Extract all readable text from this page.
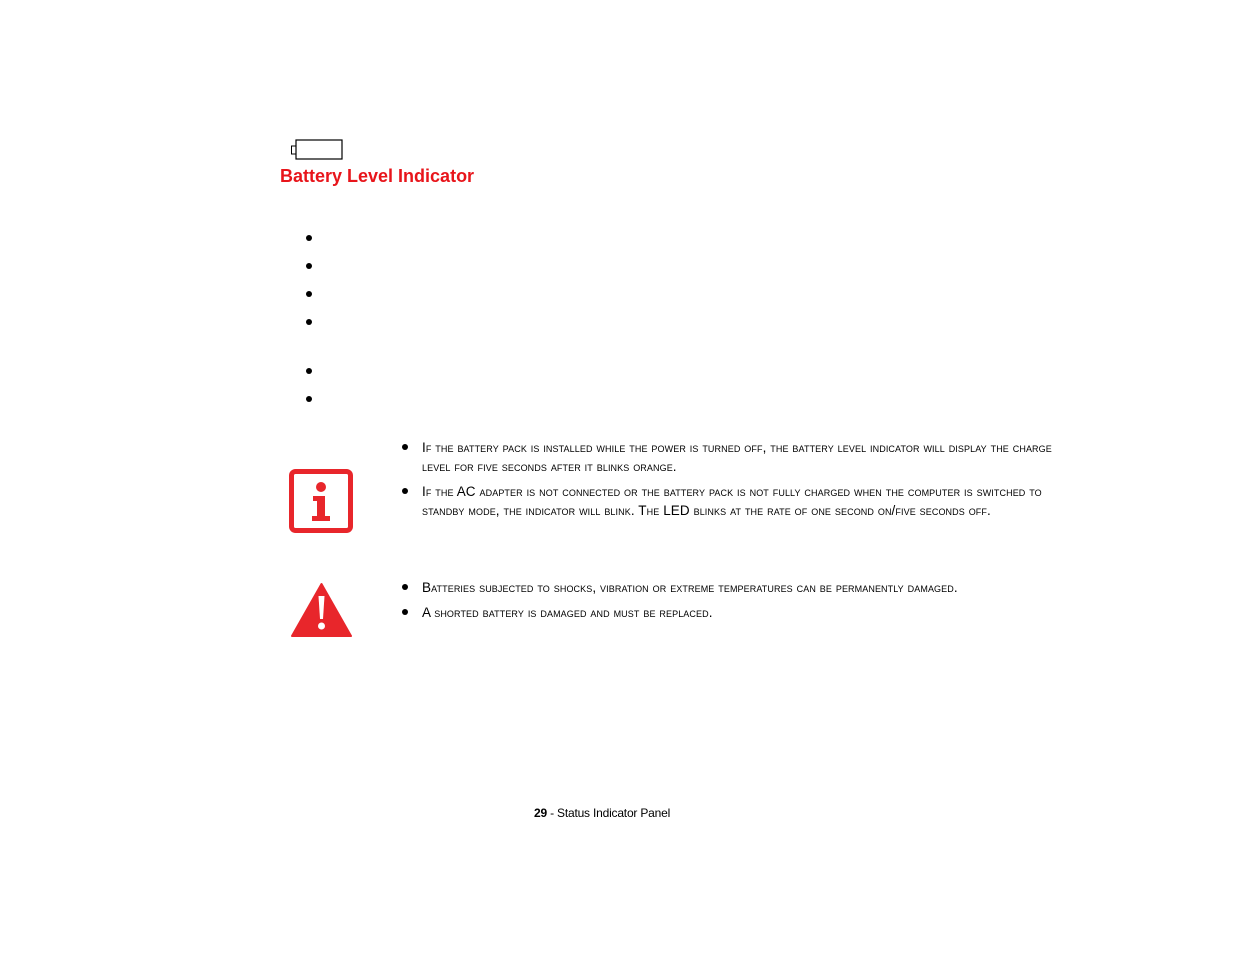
Battery Level Indicator
If the battery pack is installed while the power is turned off, the battery level indicator will display the charge level for five seconds after it blinks orange.
If the AC adapter is not connected or the battery pack is not fully charged when the computer is switched to standby mode, the indicator will blink. The LED blinks at the rate of one second on/five seconds off.
Batteries subjected to shocks, vibration or extreme temperatures can be permanently damaged.
A shorted battery is damaged and must be replaced.
29 - Status Indicator Panel
